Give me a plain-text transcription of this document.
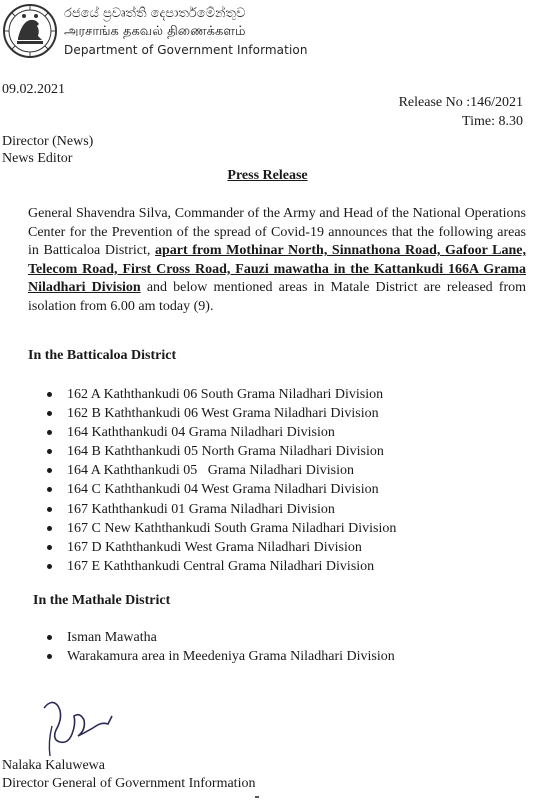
රජයේ ප්‍රවෘත්ති දෙපාර්තමේන්තුව
அரசாங்க தகவல் திணைக்களம்
Department of Government Information
09.02.2021
Release No :146/2021
Time: 8.30
Director (News)
News Editor
Press Release
General Shavendra Silva, Commander of the Army and Head of the National Operations Center for the Prevention of the spread of Covid-19 announces that the following areas in Batticaloa District, apart from Mothinar North, Sinnathona Road, Gafoor Lane, Telecom Road, First Cross Road, Fauzi mawatha in the Kattankudi 166A Grama Niladhari Division and below mentioned areas in Matale District are released from isolation from 6.00 am today (9).
In the Batticaloa District
162 A Kaththankudi 06 South Grama Niladhari Division
162 B Kaththankudi 06 West Grama Niladhari Division
164 Kaththankudi 04 Grama Niladhari Division
164 B Kaththankudi 05 North Grama Niladhari Division
164 A Kaththankudi 05   Grama Niladhari Division
164 C Kaththankudi 04 West Grama Niladhari Division
167 Kaththankudi 01 Grama Niladhari Division
167 C New Kaththankudi South Grama Niladhari Division
167 D Kaththankudi West Grama Niladhari Division
167 E Kaththankudi Central Grama Niladhari Division
In the Mathale District
Isman Mawatha
Warakamura area in Meedeniya Grama Niladhari Division
Nalaka Kaluwewa
Director General of Government Information
